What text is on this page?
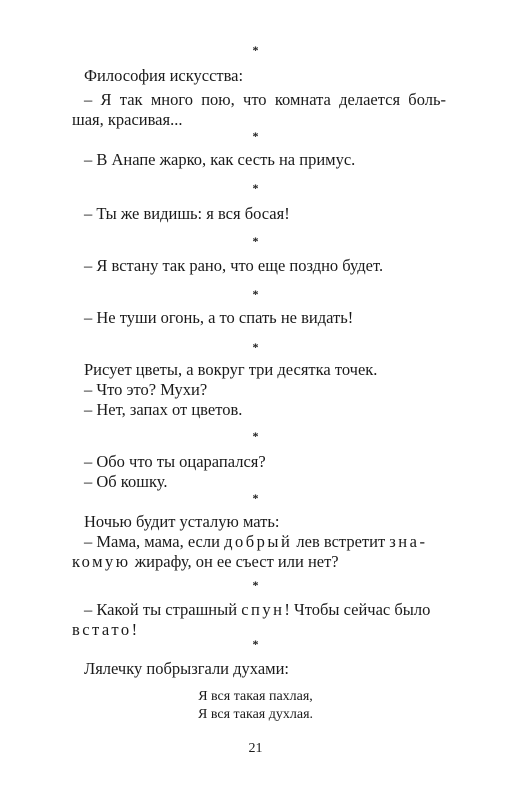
*
Философия искусства:
– Я так много пою, что комната делается боль-
шая, красивая...
*
– В Анапе жарко, как сесть на примус.
*
– Ты же видишь: я вся босая!
*
– Я встану так рано, что еще поздно будет.
*
– Не туши огонь, а то спать не видать!
*
Рисует цветы, а вокруг три десятка точек.
– Что это? Мухи?
– Нет, запах от цветов.
*
– Обо что ты оцарапался?
– Об кошку.
*
Ночью будит усталую мать:
– Мама, мама, если добрый лев встретит зна-
комую жирафу, он ее съест или нет?
*
– Какой ты страшный спун! Чтобы сейчас было
встато!
*
Лялечку побрызгали духами:
Я вся такая пахлая,
Я вся такая духлая.
21
